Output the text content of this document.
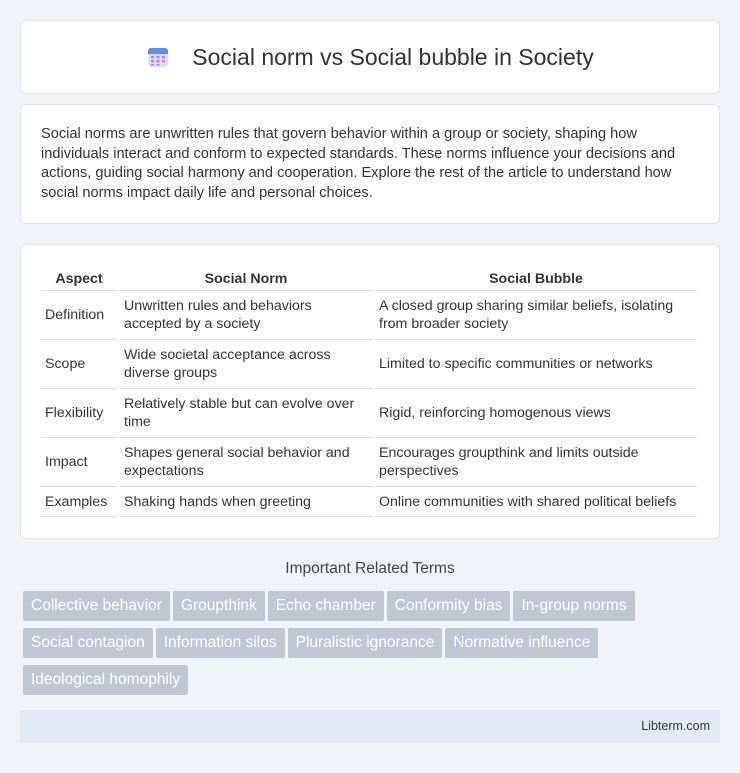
Social norm vs Social bubble in Society

Social norms are unwritten rules that govern behavior within a group or society, shaping how individuals interact and conform to expected standards. These norms influence your decisions and actions, guiding social harmony and cooperation. Explore the rest of the article to understand how social norms impact daily life and personal choices.

Aspect	Social Norm	Social Bubble
Definition	Unwritten rules and behaviors accepted by a society	A closed group sharing similar beliefs, isolating from broader society
Scope	Wide societal acceptance across diverse groups	Limited to specific communities or networks
Flexibility	Relatively stable but can evolve over time	Rigid, reinforcing homogenous views
Impact	Shapes general social behavior and expectations	Encourages groupthink and limits outside perspectives
Examples	Shaking hands when greeting	Online communities with shared political beliefs
Important Related Terms
Collective behavior Groupthink Echo chamber Conformity bias In-group norms
Social contagion Information silos Pluralistic ignorance Normative influence
Ideological homophily
Libterm.com
